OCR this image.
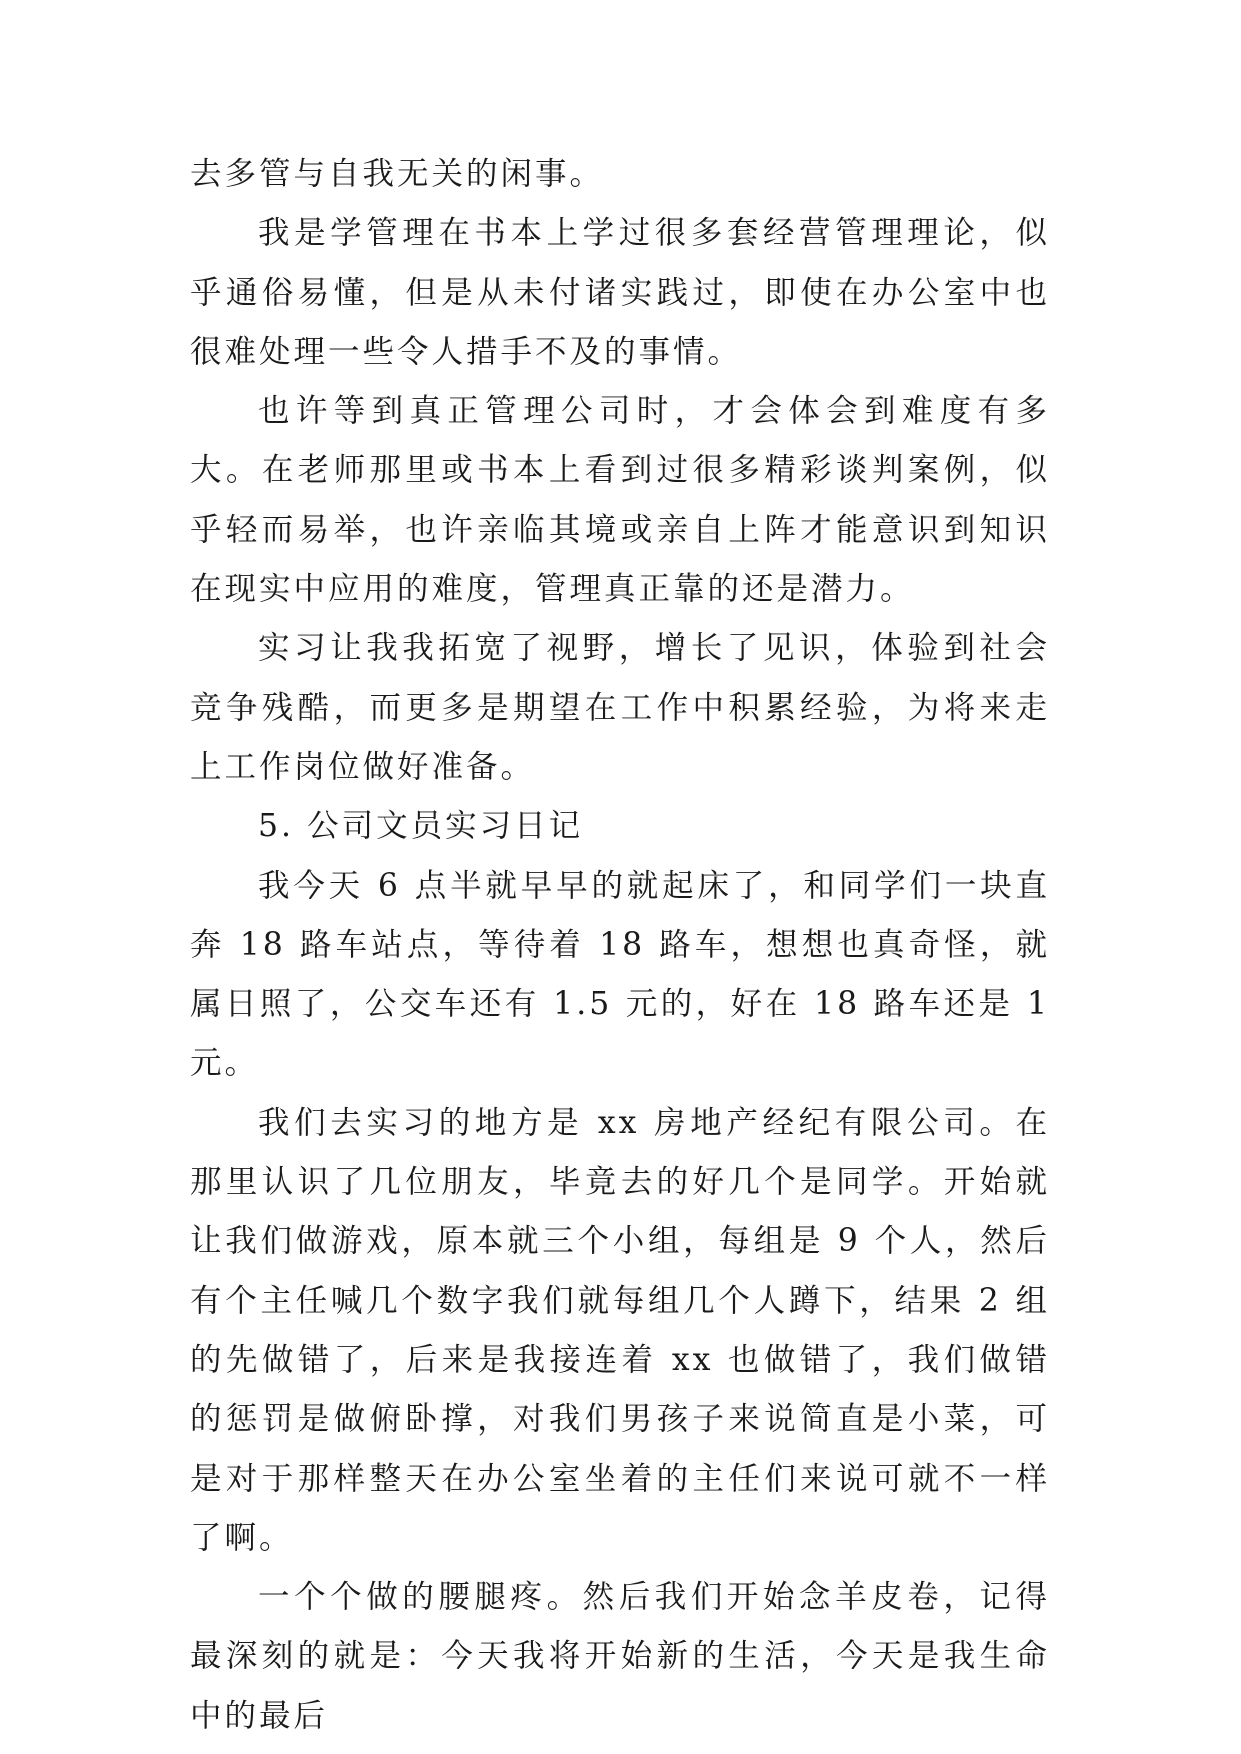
去多管与自我无关的闲事。

我是学管理在书本上学过很多套经营管理理论，似乎通俗易懂，但是从未付诸实践过，即使在办公室中也很难处理一些令人措手不及的事情。

也许等到真正管理公司时，才会体会到难度有多大。在老师那里或书本上看到过很多精彩谈判案例，似乎轻而易举，也许亲临其境或亲自上阵才能意识到知识在现实中应用的难度，管理真正靠的还是潜力。

实习让我我拓宽了视野，增长了见识，体验到社会竞争残酷，而更多是期望在工作中积累经验，为将来走上工作岗位做好准备。

5. 公司文员实习日记

我今天 6 点半就早早的就起床了，和同学们一块直奔 18 路车站点，等待着 18 路车，想想也真奇怪，就属日照了，公交车还有 1.5 元的，好在 18 路车还是 1 元。

我们去实习的地方是 xx 房地产经纪有限公司。在那里认识了几位朋友，毕竟去的好几个是同学。开始就让我们做游戏，原本就三个小组，每组是 9 个人，然后有个主任喊几个数字我们就每组几个人蹲下，结果 2 组的先做错了，后来是我接连着 xx 也做错了，我们做错的惩罚是做俯卧撑，对我们男孩子来说简直是小菜，可是对于那样整天在办公室坐着的主任们来说可就不一样了啊。

一个个做的腰腿疼。然后我们开始念羊皮卷，记得最深刻的就是：今天我将开始新的生活，今天是我生命中的最后
